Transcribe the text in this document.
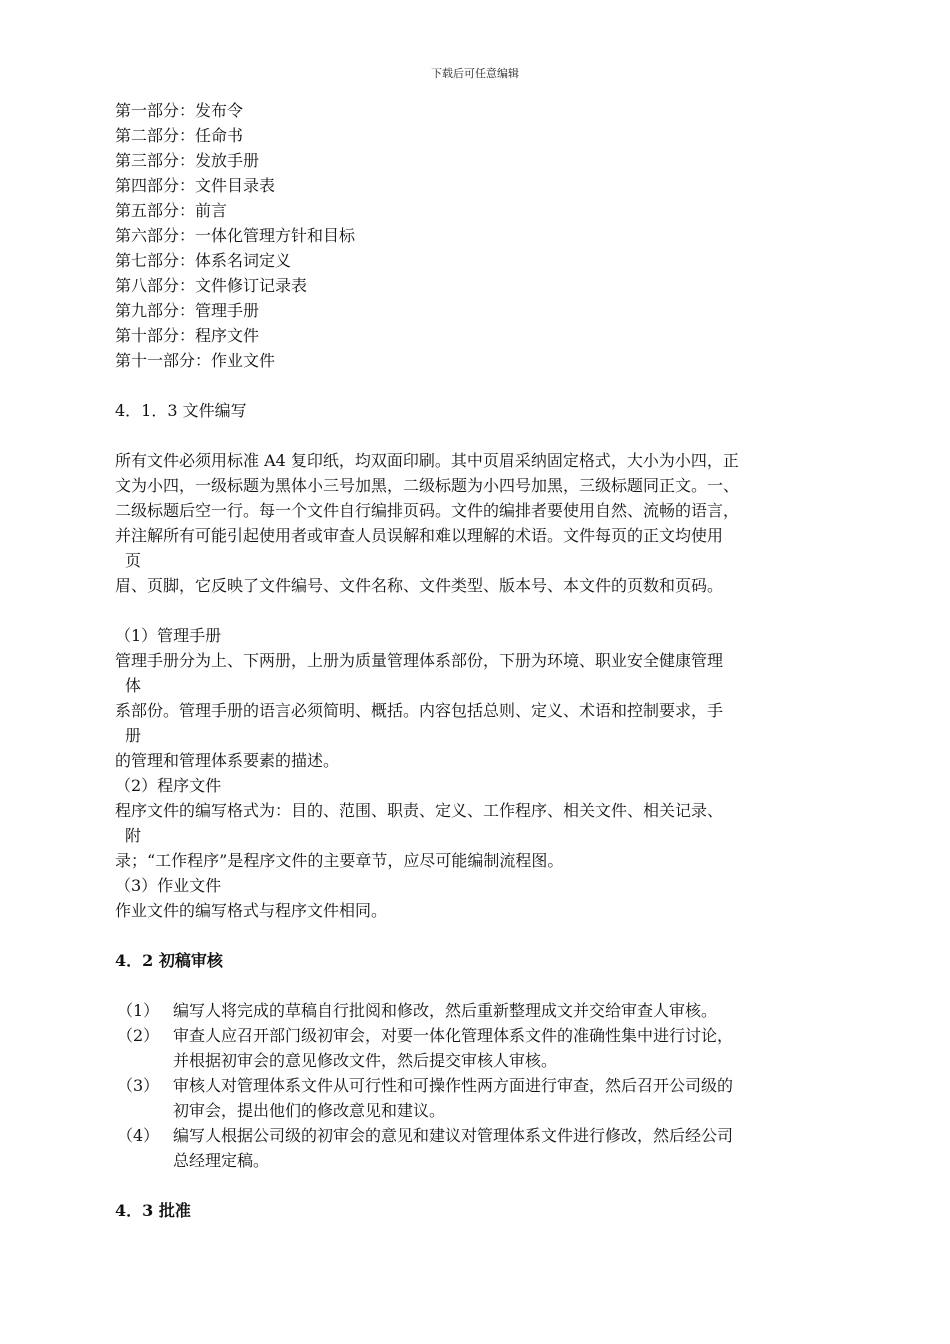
下载后可任意编辑
第一部分：发布令
第二部分：任命书
第三部分：发放手册
第四部分：文件目录表
第五部分：前言
第六部分：一体化管理方针和目标
第七部分：体系名词定义
第八部分：文件修订记录表
第九部分：管理手册
第十部分：程序文件
第十一部分：作业文件
4．1．3 文件编写
所有文件必须用标准 A4 复印纸，均双面印刷。其中页眉采纳固定格式，大小为小四，正
文为小四，一级标题为黑体小三号加黑，二级标题为小四号加黑，三级标题同正文。一、
二级标题后空一行。每一个文件自行编排页码。文件的编排者要使用自然、流畅的语言，
并注解所有可能引起使用者或审查人员误解和难以理解的术语。文件每页的正文均使用
页
眉、页脚，它反映了文件编号、文件名称、文件类型、版本号、本文件的页数和页码。
（1）管理手册
管理手册分为上、下两册，上册为质量管理体系部份，下册为环境、职业安全健康管理
体
系部份。管理手册的语言必须简明、概括。内容包括总则、定义、术语和控制要求，手
册
的管理和管理体系要素的描述。
（2）程序文件
程序文件的编写格式为：目的、范围、职责、定义、工作程序、相关文件、相关记录、
附
录；“工作程序”是程序文件的主要章节，应尽可能编制流程图。
（3）作业文件
作业文件的编写格式与程序文件相同。
4．2 初稿审核
（1） 编写人将完成的草稿自行批阅和修改，然后重新整理成文并交给审查人审核。
（2） 审查人应召开部门级初审会，对要一体化管理体系文件的准确性集中进行讨论，
并根据初审会的意见修改文件，然后提交审核人审核。
（3） 审核人对管理体系文件从可行性和可操作性两方面进行审查，然后召开公司级的
初审会，提出他们的修改意见和建议。
（4） 编写人根据公司级的初审会的意见和建议对管理体系文件进行修改，然后经公司
总经理定稿。
4．3 批准
